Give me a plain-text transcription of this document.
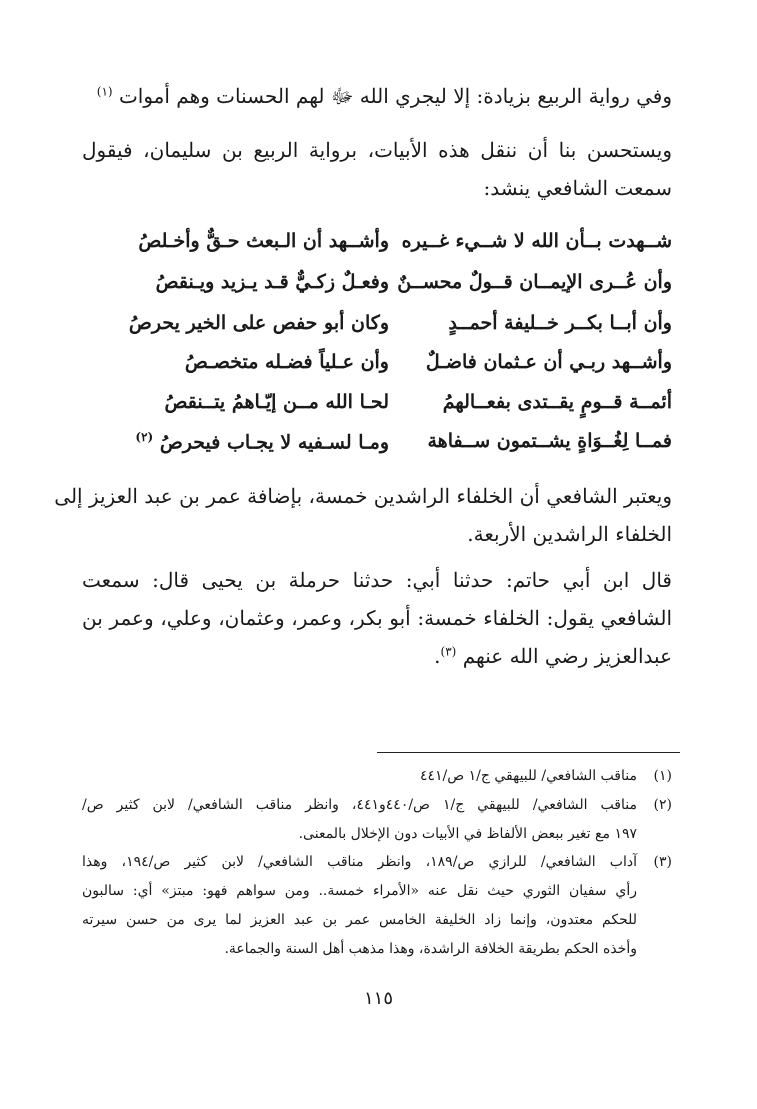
وفي رواية الربيع بزيادة: إلا ليجري الله ﷻ لهم الحسنات وهم أموات $^{(١)}$
ويستحسن بنا أن ننقل هذه الأبيات، برواية الربيع بن سليمان، فيقول
سمعت الشافعي ينشد:
شــهدت بــأن الله لا شــيء غــيره
وأشــهد أن الـبعث حـقٌّ وأخـلصُ
وأن عُــرى الإيمــان قــولٌ محســنٌ
وفعـلٌ زكـيٌّ قـد يـزيد ويـنقصُ
وأن أبــا بكــر خــليفة أحمــدٍ
وكان أبو حفص على الخير يحرصُ
وأشــهد ربـي أن عـثمان فاضـلٌ
وأن عـلياً فضـله متخصـصُ
أئمــة قــومٍ يقــتدى بفعــالهمُ
لحـا الله مــن إيّـاهمُ يتــنقصُ
فمــا لِغُــوَاةٍ يشــتمون ســفاهة
ومـا لسـفيه لا يجـاب فيحرصُ $^{(٢)}$
ويعتبر الشافعي أن الخلفاء الراشدين خمسة، بإضافة عمر بن عبد العزيز إلى
الخلفاء الراشدين الأربعة.
قال ابن أبي حاتم: حدثنا أبي: حدثنا حرملة بن يحيى قال: سمعت
الشافعي يقول: الخلفاء خمسة: أبو بكر، وعمر، وعثمان، وعلي، وعمر بن
عبدالعزيز رضي الله عنهم $^{(٣)}$.
(١)
مناقب الشافعي/ للبيهقي ج/١ ص/٤٤١
(٢)
مناقب الشافعي/ للبيهقي ج/١ ص/٤٤٠و٤٤١، وانظر مناقب الشافعي/ لابن كثير ص/
١٩٧ مع تغير ببعض الألفاظ في الأبيات دون الإخلال بالمعنى.
(٣)
آداب الشافعي/ للرازي ص/١٨٩، وانظر مناقب الشافعي/ لابن كثير ص/١٩٤، وهذا
رأي سفيان الثوري حيث نقل عنه «الأمراء خمسة.. ومن سواهم فهو: مبتز» أي: سالبون
للحكم معتدون، وإنما زاد الخليفة الخامس عمر بن عبد العزيز لما يرى من حسن سيرته
وأخذه الحكم بطريقة الخلافة الراشدة، وهذا مذهب أهل السنة والجماعة.
١١٥
